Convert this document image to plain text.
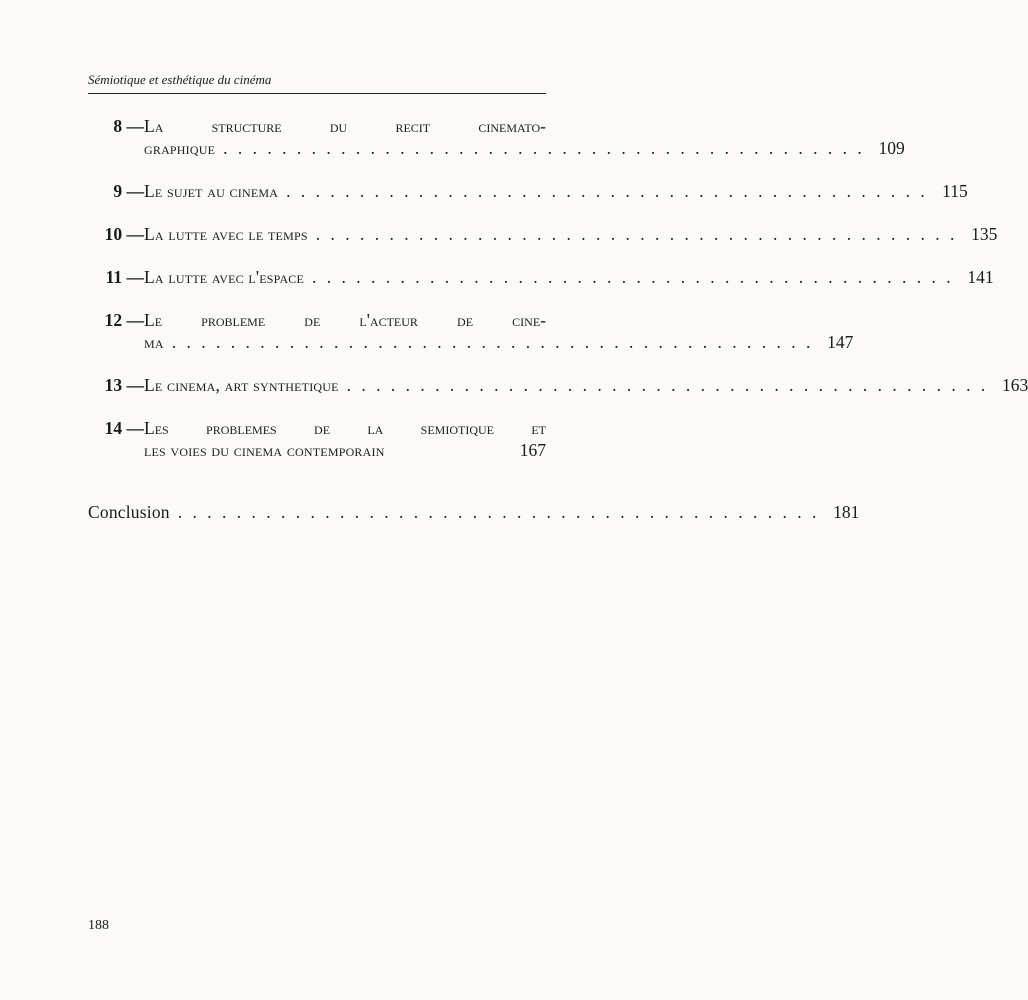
Sémiotique et esthétique du cinéma
8 — La structure du recit cinemato-
graphique . . . . . . . . . . . . . . . . . . . . . . . . . . . . . . . . . . . . . . . . . . . . 109
9 — Le sujet au cinema . . . . . . . . . . . . . . . . . . . . . . . . . . . . . . . . . . . . . . . . . . . . 115
10 — La lutte avec le temps . . . . . . . . . . . . . . . . . . . . . . . . . . . . . . . . . . . . . . . . . . . . 135
11 — La lutte avec l'espace . . . . . . . . . . . . . . . . . . . . . . . . . . . . . . . . . . . . . . . . . . . . 141
12 — Le probleme de l'acteur de cine-
ma . . . . . . . . . . . . . . . . . . . . . . . . . . . . . . . . . . . . . . . . . . . . 147
13 — Le cinema, art synthetique . . . . . . . . . . . . . . . . . . . . . . . . . . . . . . . . . . . . . . . . . . . . 163
14 — Les problemes de la semiotique et
les voies du cinema contemporain	167
Conclusion . . . . . . . . . . . . . . . . . . . . . . . . . . . . . . . . . . . . . . . . . . . . 181
188
